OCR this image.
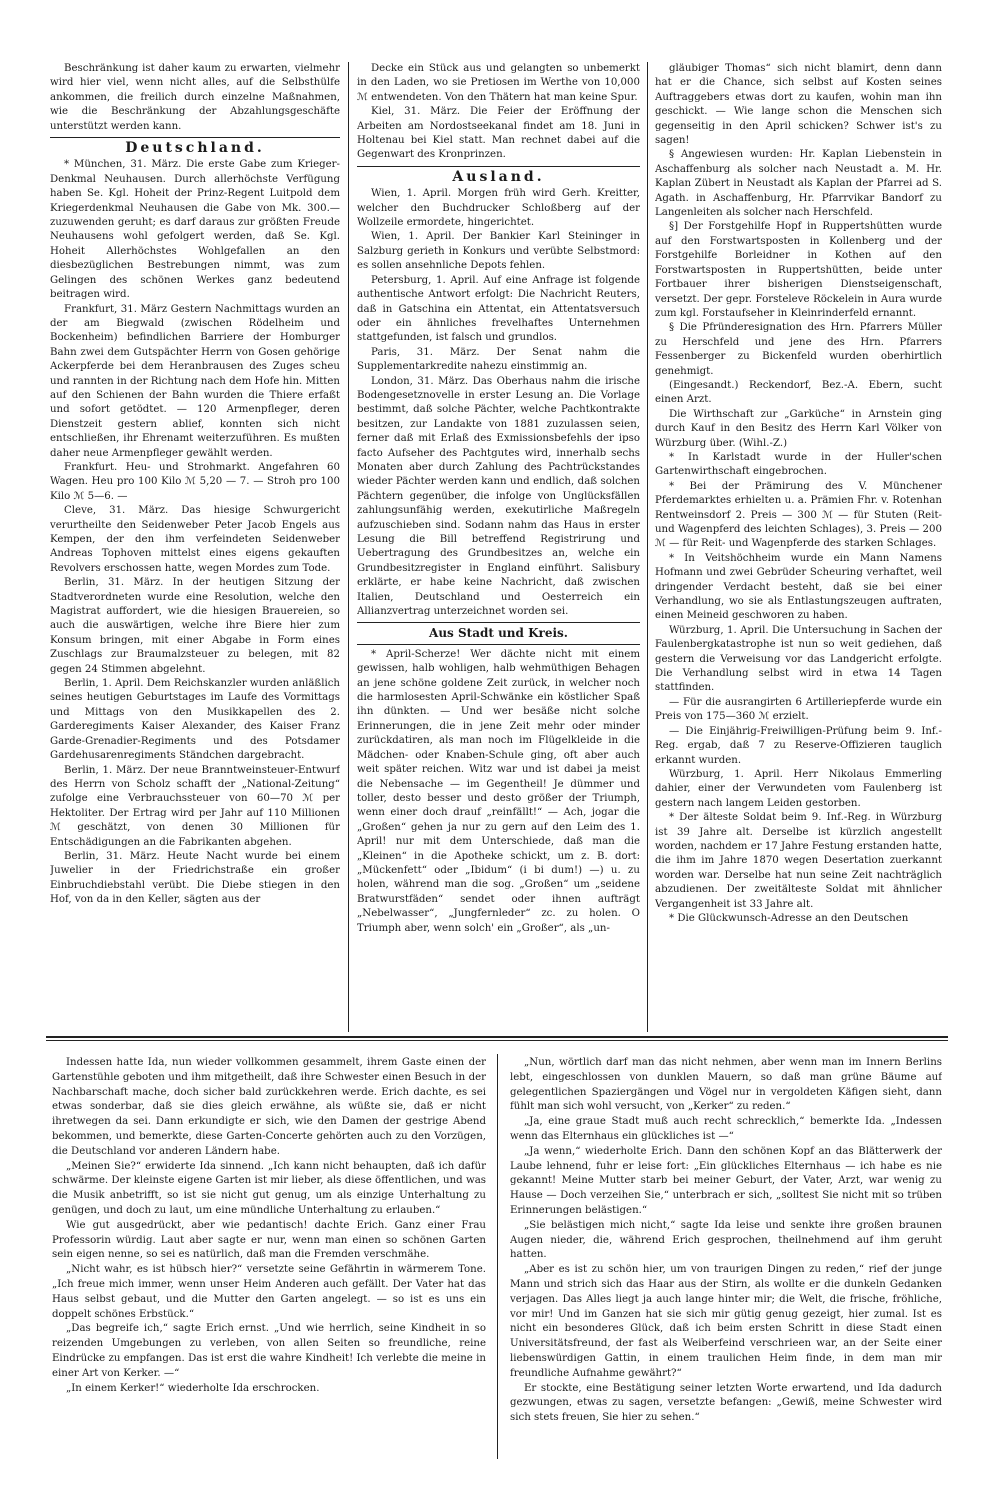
Beschränkung ist daher kaum zu erwarten, vielmehr wird hier viel, wenn nicht alles, auf die Selbsthülfe ankommen, die freilich durch einzelne Maßnahmen, wie die Beschränkung der Abzahlungsgeschäfte unterstützt werden kann.

Deutschland.

* München, 31. März. Die erste Gabe zum Krieger-Denkmal Neuhausen. Durch allerhöchste Verfügung haben Se. Kgl. Hoheit der Prinz-Regent Luitpold dem Kriegerdenkmal Neuhausen die Gabe von Mk. 300.— zuzuwenden geruht; es darf daraus zur größten Freude Neuhausens wohl gefolgert werden, daß Se. Kgl. Hoheit Allerhöchstes Wohlgefallen an den diesbezüglichen Bestrebungen nimmt, was zum Gelingen des schönen Werkes ganz bedeutend beitragen wird.

Frankfurt, 31. März Gestern Nachmittags wurden an der am Biegwald (zwischen Rödelheim und Bockenheim) befindlichen Barriere der Homburger Bahn zwei dem Gutspächter Herrn von Gosen gehörige Ackerpferde bei dem Heranbrausen des Zuges scheu und rannten in der Richtung nach dem Hofe hin. Mitten auf den Schienen der Bahn wurden die Thiere erfaßt und sofort getödtet. — 120 Armenpfleger, deren Dienstzeit gestern ablief, konnten sich nicht entschließen, ihr Ehrenamt weiterzuführen. Es mußten daher neue Armenpfleger gewählt werden.

Frankfurt. Heu- und Strohmarkt. Angefahren 60 Wagen. Heu pro 100 Kilo ℳ 5,20 — 7. — Stroh pro 100 Kilo ℳ 5—6. —

Cleve, 31. März. Das hiesige Schwurgericht verurtheilte den Seidenweber Peter Jacob Engels aus Kempen, der den ihm verfeindeten Seidenweber Andreas Tophoven mittelst eines eigens gekauften Revolvers erschossen hatte, wegen Mordes zum Tode.

Berlin, 31. März. In der heutigen Sitzung der Stadtverordneten wurde eine Resolution, welche den Magistrat auffordert, wie die hiesigen Brauereien, so auch die auswärtigen, welche ihre Biere hier zum Konsum bringen, mit einer Abgabe in Form eines Zuschlags zur Braumalzsteuer zu belegen, mit 82 gegen 24 Stimmen abgelehnt.

Berlin, 1. April. Dem Reichskanzler wurden anläßlich seines heutigen Geburtstages im Laufe des Vormittags und Mittags von den Musikkapellen des 2. Garderegiments Kaiser Alexander, des Kaiser Franz Garde-Grenadier-Regiments und des Potsdamer Gardehusarenregiments Ständchen dargebracht.

Berlin, 1. März. Der neue Branntweinsteuer-Entwurf des Herrn von Scholz schafft der „National-Zeitung“ zufolge eine Verbrauchssteuer von 60—70 ℳ per Hektoliter. Der Ertrag wird per Jahr auf 110 Millionen ℳ geschätzt, von denen 30 Millionen für Entschädigungen an die Fabrikanten abgehen.

Berlin, 31. März. Heute Nacht wurde bei einem Juwelier in der Friedrichstraße ein großer Einbruchdiebstahl verübt. Die Diebe stiegen in den Hof, von da in den Keller, sägten aus der

Decke ein Stück aus und gelangten so unbemerkt in den Laden, wo sie Pretiosen im Werthe von 10,000 ℳ entwendeten. Von den Thätern hat man keine Spur.

Kiel, 31. März. Die Feier der Eröffnung der Arbeiten am Nordostseekanal findet am 18. Juni in Holtenau bei Kiel statt. Man rechnet dabei auf die Gegenwart des Kronprinzen.

Ausland.

Wien, 1. April. Morgen früh wird Gerh. Kreitter, welcher den Buchdrucker Schloßberg auf der Wollzeile ermordete, hingerichtet.

Wien, 1. April. Der Bankier Karl Steininger in Salzburg gerieth in Konkurs und verübte Selbstmord: es sollen ansehnliche Depots fehlen.

Petersburg, 1. April. Auf eine Anfrage ist folgende authentische Antwort erfolgt: Die Nachricht Reuters, daß in Gatschina ein Attentat, ein Attentatsversuch oder ein ähnliches frevelhaftes Unternehmen stattgefunden, ist falsch und grundlos.

Paris, 31. März. Der Senat nahm die Supplementarkredite nahezu einstimmig an.

London, 31. März. Das Oberhaus nahm die irische Bodengesetznovelle in erster Lesung an. Die Vorlage bestimmt, daß solche Pächter, welche Pachtkontrakte besitzen, zur Landakte von 1881 zuzulassen seien, ferner daß mit Erlaß des Exmissionsbefehls der ipso facto Aufseher des Pachtgutes wird, innerhalb sechs Monaten aber durch Zahlung des Pachtrückstandes wieder Pächter werden kann und endlich, daß solchen Pächtern gegenüber, die infolge von Unglücksfällen zahlungsunfähig werden, exekutirliche Maßregeln aufzuschieben sind. Sodann nahm das Haus in erster Lesung die Bill betreffend Registrirung und Uebertragung des Grundbesitzes an, welche ein Grundbesitzregister in England einführt. Salisbury erklärte, er habe keine Nachricht, daß zwischen Italien, Deutschland und Oesterreich ein Allianzvertrag unterzeichnet worden sei.

Aus Stadt und Kreis.

* April-Scherze! Wer dächte nicht mit einem gewissen, halb wohligen, halb wehmüthigen Behagen an jene schöne goldene Zeit zurück, in welcher noch die harmlosesten April-Schwänke ein köstlicher Spaß ihn dünkten. — Und wer besäße nicht solche Erinnerungen, die in jene Zeit mehr oder minder zurückdatiren, als man noch im Flügelkleide in die Mädchen- oder Knaben-Schule ging, oft aber auch weit später reichen. Witz war und ist dabei ja meist die Nebensache — im Gegentheil! Je dümmer und toller, desto besser und desto größer der Triumph, wenn einer doch drauf „reinfällt!“ — Ach, jogar die „Großen“ gehen ja nur zu gern auf den Leim des 1. April! nur mit dem Unterschiede, daß man die „Kleinen“ in die Apotheke schickt, um z. B. dort: „Mückenfett“ oder „Ibidum“ (i bi dum!) —) u. zu holen, während man die sog. „Großen“ um „seidene Bratwurstfäden“ sendet oder ihnen aufträgt „Nebelwasser“, „Jungfernleder“ zc. zu holen. O Triumph aber, wenn solch' ein „Großer“, als „un-

gläubiger Thomas“ sich nicht blamirt, denn dann hat er die Chance, sich selbst auf Kosten seines Auftraggebers etwas dort zu kaufen, wohin man ihn geschickt. — Wie lange schon die Menschen sich gegenseitig in den April schicken? Schwer ist's zu sagen!

§ Angewiesen wurden: Hr. Kaplan Liebenstein in Aschaffenburg als solcher nach Neustadt a. M. Hr. Kaplan Zübert in Neustadt als Kaplan der Pfarrei ad S. Agath. in Aschaffenburg, Hr. Pfarrvikar Bandorf zu Langenleiten als solcher nach Herschfeld.

§] Der Forstgehilfe Hopf in Ruppertshütten wurde auf den Forstwartsposten in Kollenberg und der Forstgehilfe Borleidner in Kothen auf den Forstwartsposten in Ruppertshütten, beide unter Fortbauer ihrer bisherigen Dienstseigenschaft, versetzt. Der gepr. Forsteleve Röckelein in Aura wurde zum kgl. Forstaufseher in Kleinrinderfeld ernannt.

§ Die Pfründeresignation des Hrn. Pfarrers Müller zu Herschfeld und jene des Hrn. Pfarrers Fessenberger zu Bickenfeld wurden oberhirtlich genehmigt.

(Eingesandt.) Reckendorf, Bez.-A. Ebern, sucht einen Arzt.

Die Wirthschaft zur „Garküche“ in Arnstein ging durch Kauf in den Besitz des Herrn Karl Völker von Würzburg über. (Wihl.-Z.)

* In Karlstadt wurde in der Huller'schen Gartenwirthschaft eingebrochen.

* Bei der Prämirung des V. Münchener Pferdemarktes erhielten u. a. Prämien Fhr. v. Rotenhan Rentweinsdorf 2. Preis — 300 ℳ — für Stuten (Reit- und Wagenpferd des leichten Schlages), 3. Preis — 200 ℳ — für Reit- und Wagenpferde des starken Schlages.

* In Veitshöchheim wurde ein Mann Namens Hofmann und zwei Gebrüder Scheuring verhaftet, weil dringender Verdacht besteht, daß sie bei einer Verhandlung, wo sie als Entlastungszeugen auftraten, einen Meineid geschworen zu haben.

Würzburg, 1. April. Die Untersuchung in Sachen der Faulenbergkatastrophe ist nun so weit gediehen, daß gestern die Verweisung vor das Landgericht erfolgte. Die Verhandlung selbst wird in etwa 14 Tagen stattfinden.

— Für die ausrangirten 6 Artilleriepferde wurde ein Preis von 175—360 ℳ erzielt.

— Die Einjährig-Freiwilligen-Prüfung beim 9. Inf.-Reg. ergab, daß 7 zu Reserve-Offizieren tauglich erkannt wurden.

Würzburg, 1. April. Herr Nikolaus Emmerling dahier, einer der Verwundeten vom Faulenberg ist gestern nach langem Leiden gestorben.

* Der älteste Soldat beim 9. Inf.-Reg. in Würzburg ist 39 Jahre alt. Derselbe ist kürzlich angestellt worden, nachdem er 17 Jahre Festung erstanden hatte, die ihm im Jahre 1870 wegen Desertation zuerkannt worden war. Derselbe hat nun seine Zeit nachträglich abzudienen. Der zweitälteste Soldat mit ähnlicher Vergangenheit ist 33 Jahre alt.

* Die Glückwunsch-Adresse an den Deutschen

Indessen hatte Ida, nun wieder vollkommen gesammelt, ihrem Gaste einen der Gartenstühle geboten und ihm mitgetheilt, daß ihre Schwester einen Besuch in der Nachbarschaft mache, doch sicher bald zurückkehren werde. Erich dachte, es sei etwas sonderbar, daß sie dies gleich erwähne, als wüßte sie, daß er nicht ihretwegen da sei. Dann erkundigte er sich, wie den Damen der gestrige Abend bekommen, und bemerkte, diese Garten-Concerte gehörten auch zu den Vorzügen, die Deutschland vor anderen Ländern habe.

„Meinen Sie?“ erwiderte Ida sinnend. „Ich kann nicht behaupten, daß ich dafür schwärme. Der kleinste eigene Garten ist mir lieber, als diese öffentlichen, und was die Musik anbetrifft, so ist sie nicht gut genug, um als einzige Unterhaltung zu genügen, und doch zu laut, um eine mündliche Unterhaltung zu erlauben.“

Wie gut ausgedrückt, aber wie pedantisch! dachte Erich. Ganz einer Frau Professorin würdig. Laut aber sagte er nur, wenn man einen so schönen Garten sein eigen nenne, so sei es natürlich, daß man die Fremden verschmähe.

„Nicht wahr, es ist hübsch hier?“ versetzte seine Gefährtin in wärmerem Tone. „Ich freue mich immer, wenn unser Heim Anderen auch gefällt. Der Vater hat das Haus selbst gebaut, und die Mutter den Garten angelegt. — so ist es uns ein doppelt schönes Erbstück.“

„Das begreife ich,“ sagte Erich ernst. „Und wie herrlich, seine Kindheit in so reizenden Umgebungen zu verleben, von allen Seiten so freundliche, reine Eindrücke zu empfangen. Das ist erst die wahre Kindheit! Ich verlebte die meine in einer Art von Kerker. —“

„In einem Kerker!“ wiederholte Ida erschrocken.

„Nun, wörtlich darf man das nicht nehmen, aber wenn man im Innern Berlins lebt, eingeschlossen von dunklen Mauern, so daß man grüne Bäume auf gelegentlichen Spaziergängen und Vögel nur in vergoldeten Käfigen sieht, dann fühlt man sich wohl versucht, von „Kerker“ zu reden.“

„Ja, eine graue Stadt muß auch recht schrecklich,“ bemerkte Ida. „Indessen wenn das Elternhaus ein glückliches ist —“

„Ja wenn,“ wiederholte Erich. Dann den schönen Kopf an das Blätterwerk der Laube lehnend, fuhr er leise fort: „Ein glückliches Elternhaus — ich habe es nie gekannt! Meine Mutter starb bei meiner Geburt, der Vater, Arzt, war wenig zu Hause — Doch verzeihen Sie,“ unterbrach er sich, „solltest Sie nicht mit so trüben Erinnerungen belästigen.“

„Sie belästigen mich nicht,“ sagte Ida leise und senkte ihre großen braunen Augen nieder, die, während Erich gesprochen, theilnehmend auf ihm geruht hatten.

„Aber es ist zu schön hier, um von traurigen Dingen zu reden,“ rief der junge Mann und strich sich das Haar aus der Stirn, als wollte er die dunkeln Gedanken verjagen. Das Alles liegt ja auch lange hinter mir; die Welt, die frische, fröhliche, vor mir! Und im Ganzen hat sie sich mir gütig genug gezeigt, hier zumal. Ist es nicht ein besonderes Glück, daß ich beim ersten Schritt in diese Stadt einen Universitätsfreund, der fast als Weiberfeind verschrieen war, an der Seite einer liebenswürdigen Gattin, in einem traulichen Heim finde, in dem man mir freundliche Aufnahme gewährt?“

Er stockte, eine Bestätigung seiner letzten Worte erwartend, und Ida dadurch gezwungen, etwas zu sagen, versetzte befangen: „Gewiß, meine Schwester wird sich stets freuen, Sie hier zu sehen.“
